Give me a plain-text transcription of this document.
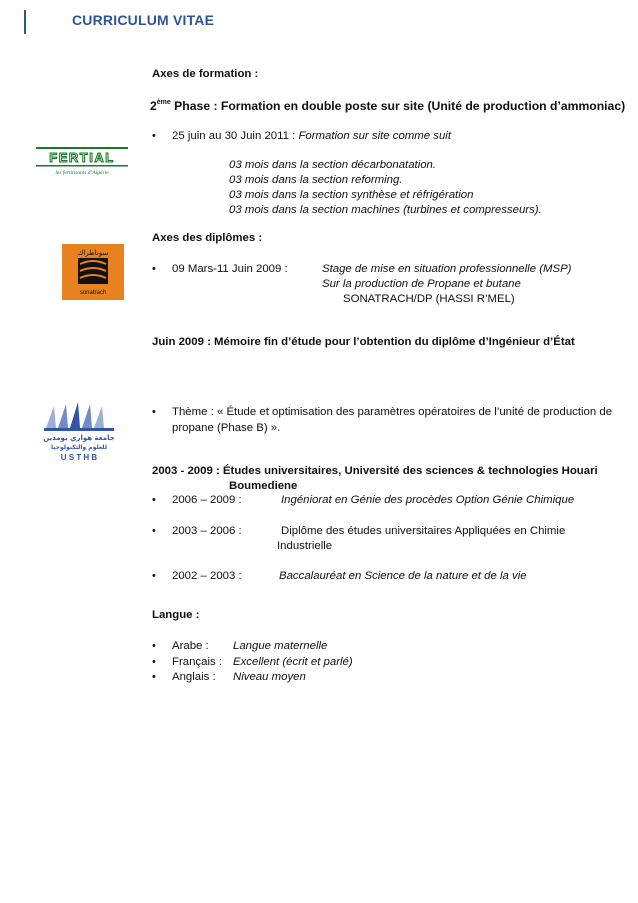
CURRICULUM VITAE
FERTIAL
les fertilisants d’Algérie
سوناطراك
sonatrach
جامعة هواري بومدين
للعلوم والتكنولوجيا
U S T H B
Axes de formation :
2ème Phase : Formation en double poste sur site (Unité de production d’ammoniac)
• 25 juin au 30 Juin 2011 : Formation sur site comme suit
03 mois dans la section décarbonatation.
03 mois dans la section reforming.
03 mois dans la section synthèse et réfrigération
03 mois dans la section machines (turbines et compresseurs).
Axes des diplômes :
• 09 Mars-11 Juin 2009 :	Stage de mise en situation professionnelle (MSP)
Sur la production de Propane et butane
SONATRACH/DP (HASSI R’MEL)
Juin 2009 : Mémoire fin d’étude pour l’obtention du diplôme d’Ingénieur d’État
• Thème : « Étude et optimisation des paramètres opératoires de l’unité de production de
propane (Phase B) ».
2003 - 2009 : Études universitaires, Université des sciences & technologies Houari
Boumediene
• 2006 – 2009 :	Ingéniorat en Génie des procèdes Option Génie Chimique
• 2003 – 2006 :	Diplôme des études universitaires Appliquées en Chimie
Industrielle
• 2002 – 2003 :	Baccalauréat en Science de la nature et de la vie
Langue :
• Arabe : Langue maternelle
• Français : Excellent (écrit et parlé)
• Anglais : Niveau moyen
